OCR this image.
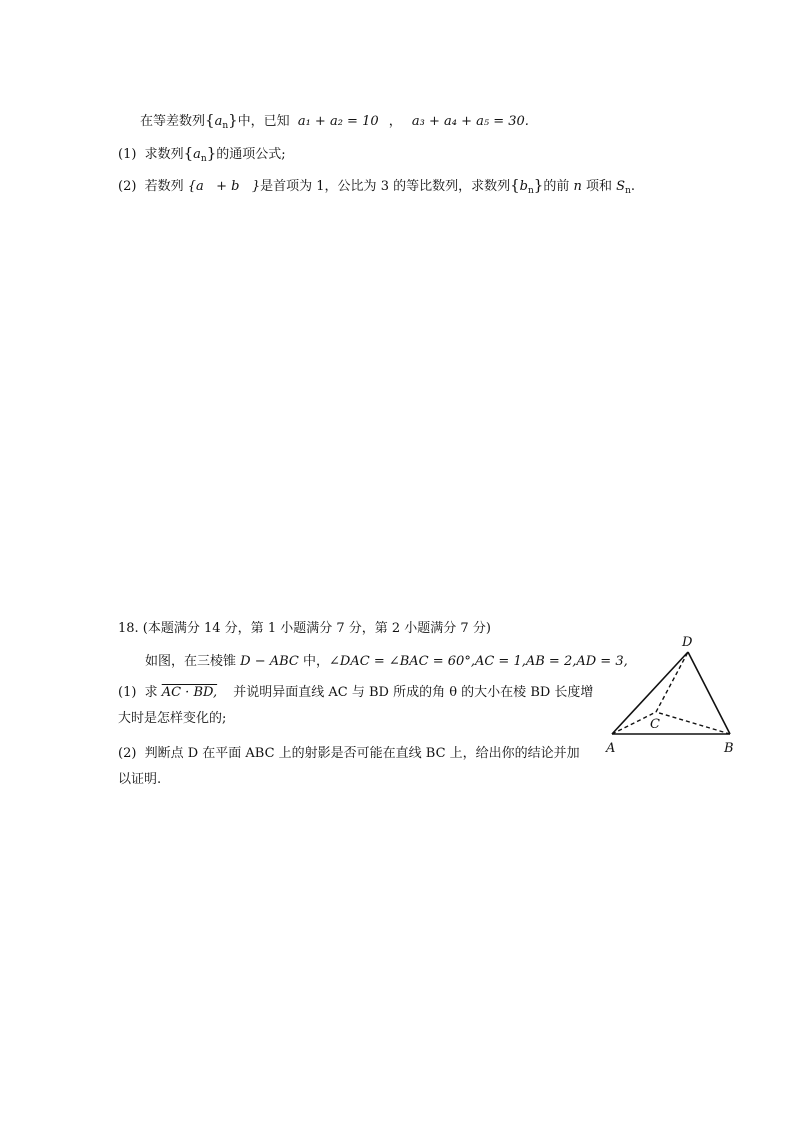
在等差数列$\{a_n\}$中，已知 a₁ + a₂ = 10 ， a₃ + a₄ + a₅ = 30.
(1) 求数列$\{a_n\}$的通项公式;
(2) 若数列 {a   + b   }是首项为 1，公比为 3 的等比数列，求数列$\{b_n\}$的前 n 项和 $S_n$.
18. (本题满分 14 分，第 1 小题满分 7 分，第 2 小题满分 7 分)
如图，在三棱锥 D − ABC 中，∠DAC = ∠BAC = 60°,AC = 1,AB = 2,AD = 3,
(1) 求 AC · BD, 并说明异面直线 AC 与 BD 所成的角 θ 的大小在棱 BD 长度增
大时是怎样变化的;
(2) 判断点 D 在平面 ABC 上的射影是否可能在直线 BC 上，给出你的结论并加
以证明.
D
A	B
C
